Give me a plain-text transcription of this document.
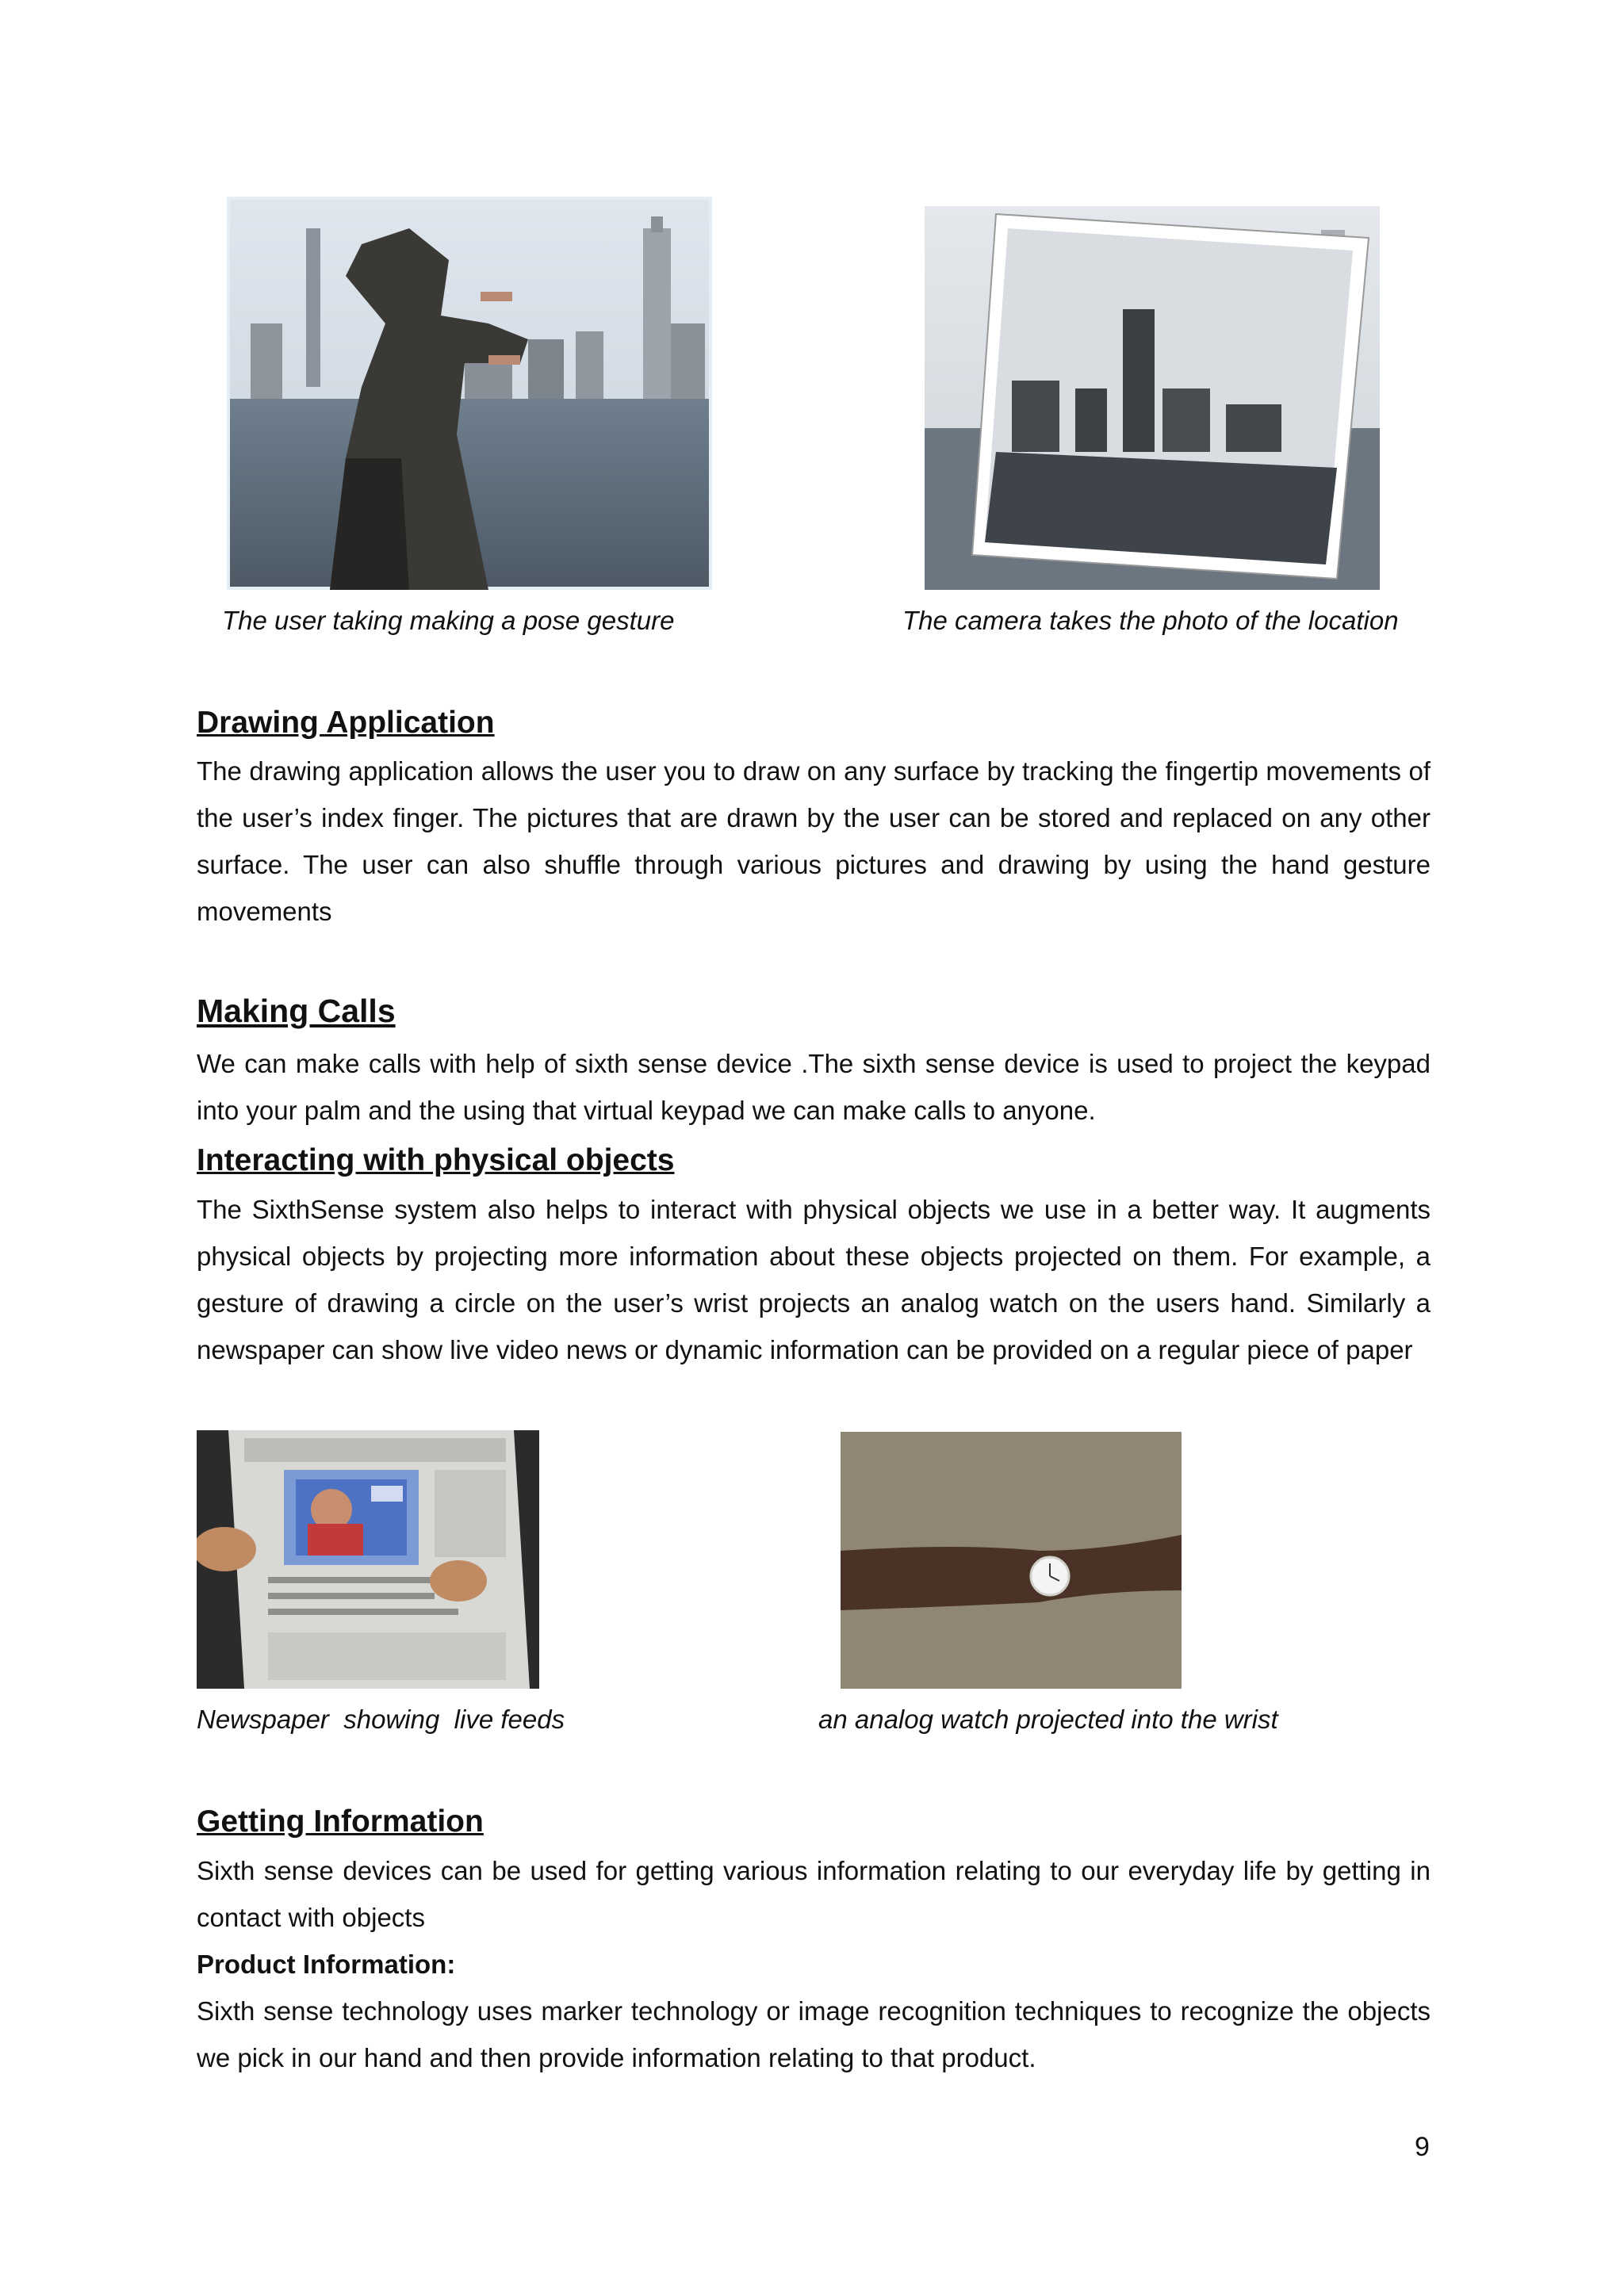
The user taking making a pose gesture	The camera takes the photo of the location
Drawing Application

The drawing application allows the user you to draw on any surface by tracking the fingertip movements of the user’s index finger. The pictures that are drawn by the user can be stored and replaced on any other surface. The user can also shuffle through various pictures and drawing by using the hand gesture movements

Making Calls

We can make calls with help of sixth sense device .The sixth sense device is used to project the keypad into your palm and the using that virtual keypad we can make calls to anyone.

Interacting with physical objects

The SixthSense system also helps to interact with physical objects we use in a better way. It augments physical objects by projecting more information about these objects projected on them. For example, a gesture of drawing a circle on the user’s wrist projects an analog watch on the users hand. Similarly a newspaper can show live video news or dynamic information can be provided on a regular piece of paper

Newspaper  showing  live feeds	an analog watch projected into the wrist
Getting Information

Sixth sense devices can be used for getting various information relating to our everyday life by getting in contact with objects

Product Information:

Sixth sense technology uses marker technology or image recognition techniques to recognize the objects we pick in our hand and then provide information relating to that product.

9
